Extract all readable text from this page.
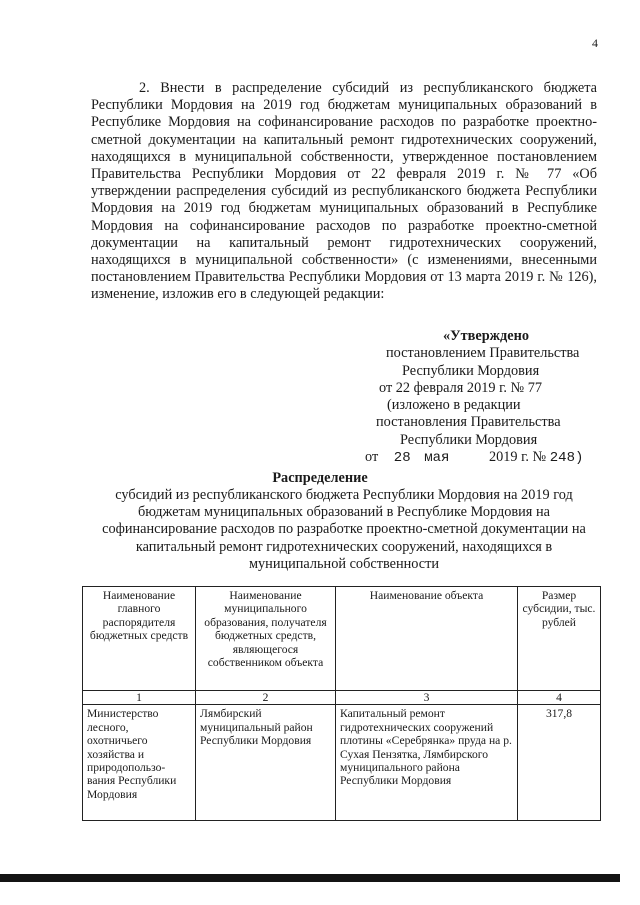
4

2. Внести в распределение субсидий из республиканского бюджета Республики Мордовия на 2019 год бюджетам муниципальных образований в Республике Мордовия на софинансирование расходов по разработке проектно-сметной документации на капитальный ремонт гидротехнических сооружений, находящихся в муниципальной собственности, утвержденное постановлением Правительства Республики Мордовия от 22 февраля 2019 г. № 77 «Об утверждении распределения субсидий из республиканского бюджета Республики Мордовия на 2019 год бюджетам муниципальных образований в Республике Мордовия на софинансирование расходов по разработке проектно-сметной документации на капитальный ремонт гидротехнических сооружений, находящихся в муниципальной собственности» (с изменениями, внесенными постановлением Правительства Республики Мордовия от 13 марта 2019 г. № 126), изменение, изложив его в следующей редакции:

«Утверждено
постановлением Правительства
Республики Мордовия
от 22 февраля 2019 г. № 77
(изложено в редакции
постановления Правительства
Республики Мордовия
от 28 мая	2019 г. № 248)
Распределение

субсидий из республиканского бюджета Республики Мордовия на 2019 год бюджетам муниципальных образований в Республике Мордовия на софинансирование расходов по разработке проектно-сметной документации на капитальный ремонт гидротехнических сооружений, находящихся в муниципальной собственности

Наименование главного распорядителя бюджетных средств	Наименование муниципального образования, получателя бюджетных средств, являющегося собственником объекта	Наименование объекта	Размер субсидии, тыс. рублей
1	2	3	4
Министерство лесного, охотничьего хозяйства и природопользо-вания Республики Мордовия	Лямбирский муниципальный район Республики Мордовия	Капитальный ремонт гидротехнических сооружений плотины «Серебрянка» пруда на р. Сухая Пензятка, Лямбирского муниципального района Республики Мордовия	317,8
